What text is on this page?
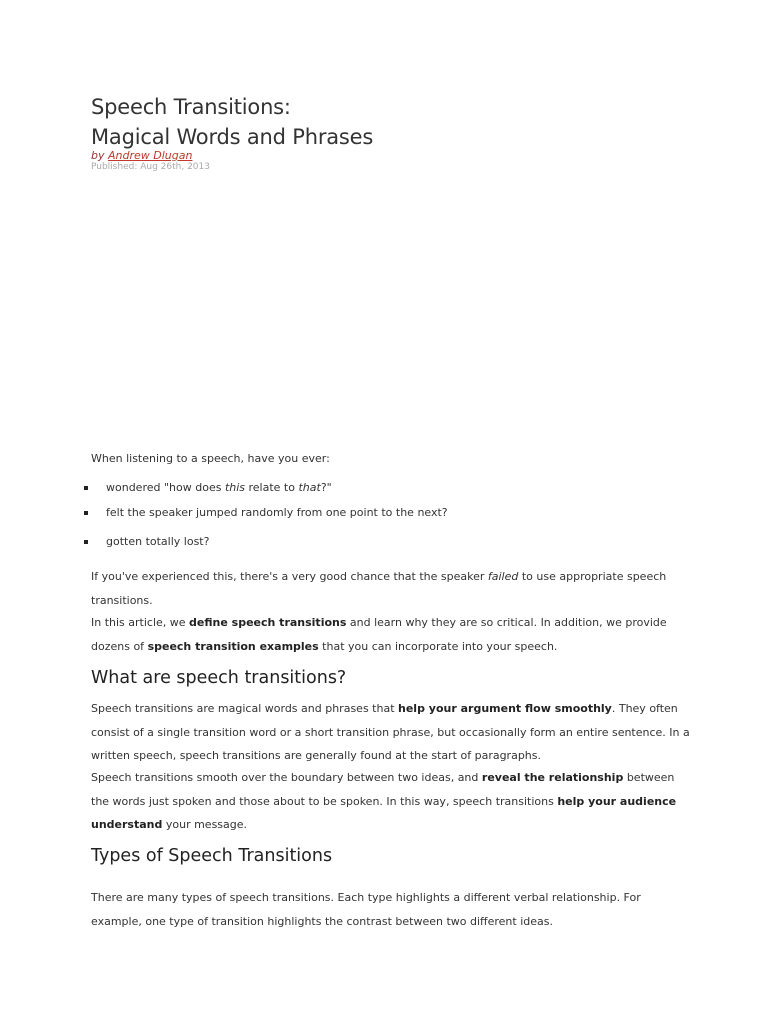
Speech Transitions:
Magical Words and Phrases

by Andrew Dlugan

Published: Aug 26th, 2013

When listening to a speech, have you ever:

wondered "how does this relate to that?"
felt the speaker jumped randomly from one point to the next?
gotten totally lost?

If you've experienced this, there's a very good chance that the speaker failed to use appropriate speech transitions.

In this article, we define speech transitions and learn why they are so critical. In addition, we provide dozens of speech transition examples that you can incorporate into your speech.

What are speech transitions?

Speech transitions are magical words and phrases that help your argument flow smoothly. They often consist of a single transition word or a short transition phrase, but occasionally form an entire sentence. In a written speech, speech transitions are generally found at the start of paragraphs.

Speech transitions smooth over the boundary between two ideas, and reveal the relationship between the words just spoken and those about to be spoken. In this way, speech transitions help your audience understand your message.

Types of Speech Transitions

There are many types of speech transitions. Each type highlights a different verbal relationship. For example, one type of transition highlights the contrast between two different ideas.
